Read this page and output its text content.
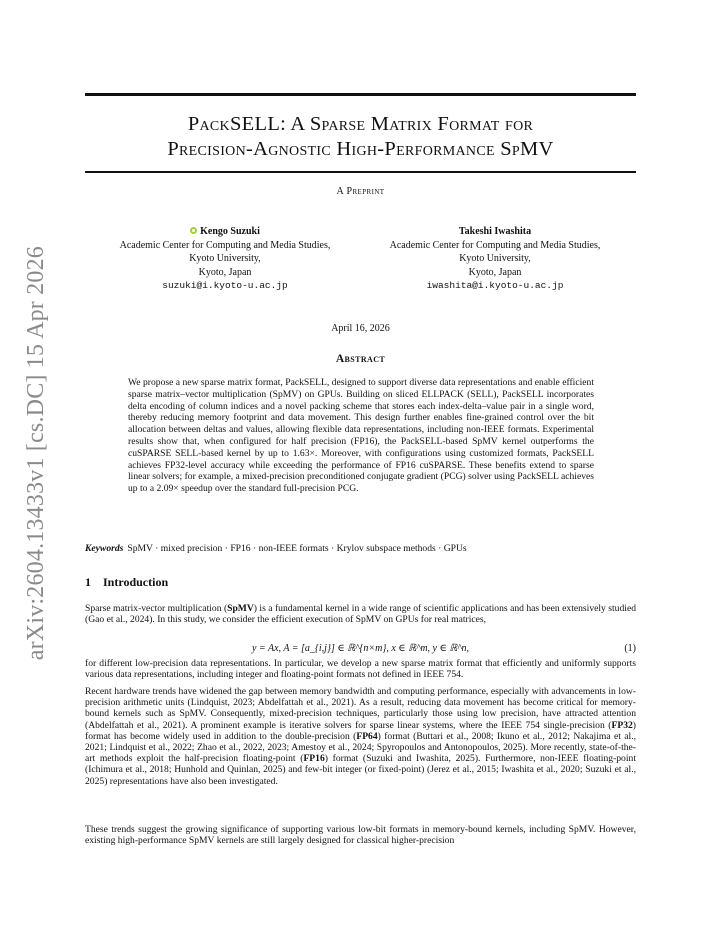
arXiv:2604.13433v1 [cs.DC] 15 Apr 2026
PackSELL: A Sparse Matrix Format for
Precision-Agnostic High-Performance SpMV
A Preprint
Kengo Suzuki
Academic Center for Computing and Media Studies,
Kyoto University,
Kyoto, Japan
suzuki@i.kyoto-u.ac.jp
Takeshi Iwashita
Academic Center for Computing and Media Studies,
Kyoto University,
Kyoto, Japan
iwashita@i.kyoto-u.ac.jp
April 16, 2026
Abstract
We propose a new sparse matrix format, PackSELL, designed to support diverse data representations and enable efficient sparse matrix–vector multiplication (SpMV) on GPUs. Building on sliced ELLPACK (SELL), PackSELL incorporates delta encoding of column indices and a novel packing scheme that stores each index-delta–value pair in a single word, thereby reducing memory footprint and data movement. This design further enables fine-grained control over the bit allocation between deltas and values, allowing flexible data representations, including non-IEEE formats. Experimental results show that, when configured for half precision (FP16), the PackSELL-based SpMV kernel outperforms the cuSPARSE SELL-based kernel by up to 1.63×. Moreover, with configurations using customized formats, PackSELL achieves FP32-level accuracy while exceeding the performance of FP16 cuSPARSE. These benefits extend to sparse linear solvers; for example, a mixed-precision preconditioned conjugate gradient (PCG) solver using PackSELL achieves up to a 2.09× speedup over the standard full-precision PCG.
Keywords SpMV · mixed precision · FP16 · non-IEEE formats · Krylov subspace methods · GPUs
1 Introduction
Sparse matrix-vector multiplication (SpMV) is a fundamental kernel in a wide range of scientific applications and has been extensively studied (Gao et al., 2024). In this study, we consider the efficient execution of SpMV on GPUs for real matrices,
y = Ax, A = [a_{i,j}] ∈ ℝ^{n×m}, x ∈ ℝ^m, y ∈ ℝ^n,	(1)
for different low-precision data representations. In particular, we develop a new sparse matrix format that efficiently and uniformly supports various data representations, including integer and floating-point formats not defined in IEEE 754.
Recent hardware trends have widened the gap between memory bandwidth and computing performance, especially with advancements in low-precision arithmetic units (Lindquist, 2023; Abdelfattah et al., 2021). As a result, reducing data movement has become critical for memory-bound kernels such as SpMV. Consequently, mixed-precision techniques, particularly those using low precision, have attracted attention (Abdelfattah et al., 2021). A prominent example is iterative solvers for sparse linear systems, where the IEEE 754 single-precision (FP32) format has become widely used in addition to the double-precision (FP64) format (Buttari et al., 2008; Ikuno et al., 2012; Nakajima et al., 2021; Lindquist et al., 2022; Zhao et al., 2022, 2023; Amestoy et al., 2024; Spyropoulos and Antonopoulos, 2025). More recently, state-of-the-art methods exploit the half-precision floating-point (FP16) format (Suzuki and Iwashita, 2025). Furthermore, non-IEEE floating-point (Ichimura et al., 2018; Hunhold and Quinlan, 2025) and few-bit integer (or fixed-point) (Jerez et al., 2015; Iwashita et al., 2020; Suzuki et al., 2025) representations have also been investigated.
These trends suggest the growing significance of supporting various low-bit formats in memory-bound kernels, including SpMV. However, existing high-performance SpMV kernels are still largely designed for classical higher-precision
